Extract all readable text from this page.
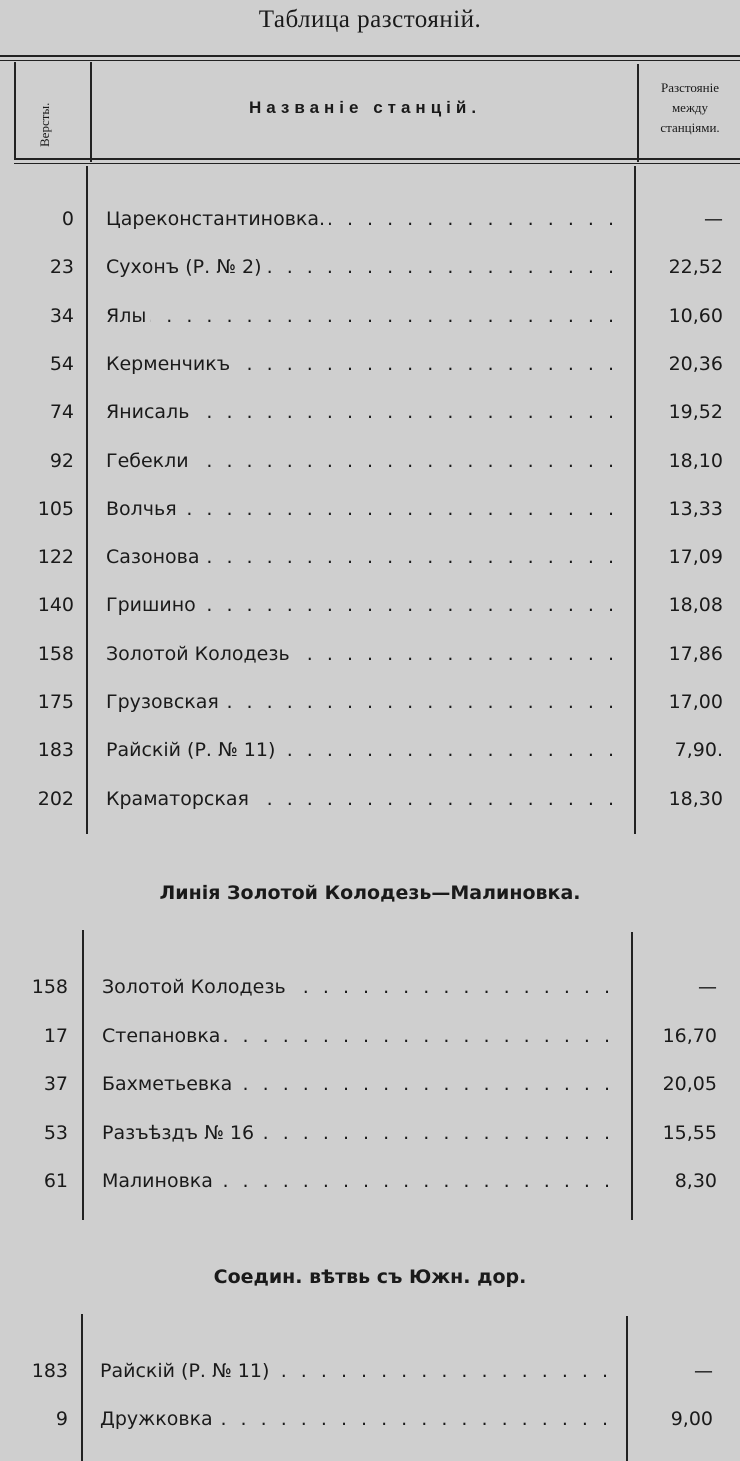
Таблица разстояній.
Версты.	Названіе станцій.
Разстояніе
между
станціями.
0 Цареконстантиновка. . . .	—
23 Сухонъ (Р. № 2) . . .	22,52
34 Ялы . . .	10,60
54 Керменчикъ . . .	20,36
74 Янисаль . . .	19,52
92 Гебекли . . .	18,10
105 Волчья . . .	13,33
122 Сазонова . . .	17,09
140 Гришино . . .	18,08
158 Золотой Колодезь . . .	17,86
175 Грузовская . . .	17,00
183 Райскій (Р. № 11) . . .	7,90.
202 Краматорская . . .	18,30
Линія Золотой Колодезь—Малиновка.
158 Золотой Колодезь . . .	—
17 Степановка . . .	16,70
37 Бахметьевка . . .	20,05
53 Разъѣздъ № 16 . . .	15,55
61 Малиновка . . .	8,30
Соедин. вѣтвь съ Южн. дор.
183 Райскій (Р. № 11) . . .	—
9 Дружковка . . .	9,00
